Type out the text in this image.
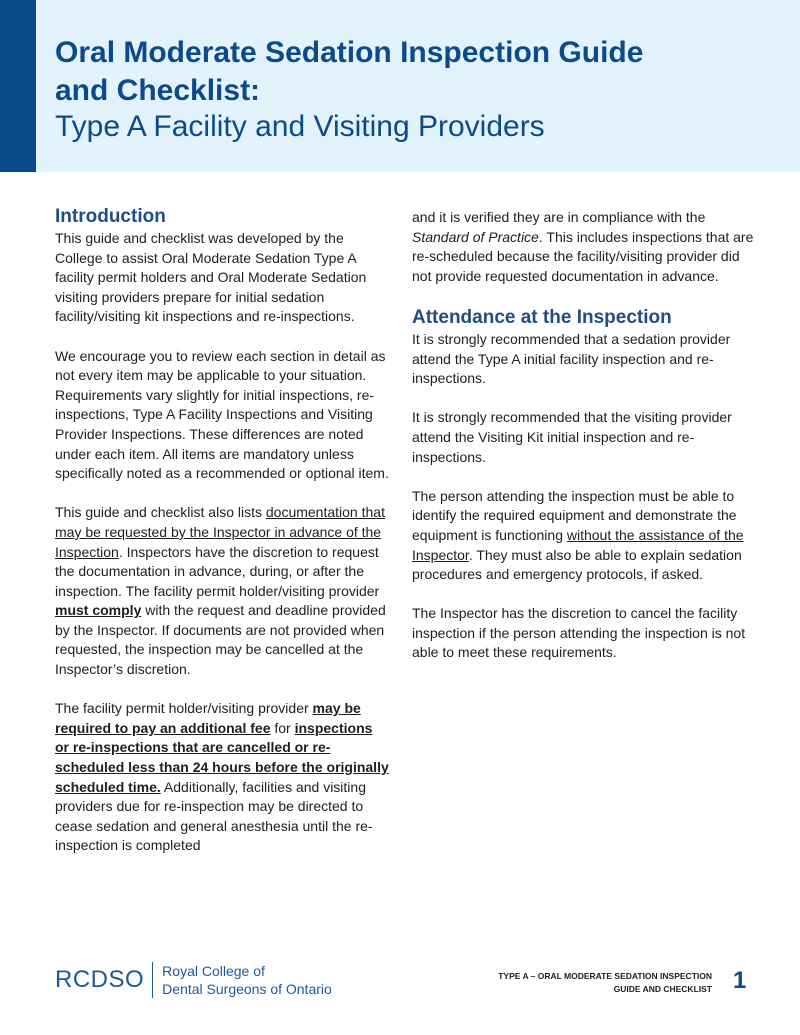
Oral Moderate Sedation Inspection Guide
and Checklist:
Type A Facility and Visiting Providers
Introduction

This guide and checklist was developed by the College to assist Oral Moderate Sedation Type A facility permit holders and Oral Moderate Sedation visiting providers prepare for initial sedation facility/visiting kit inspections and re-inspections.

We encourage you to review each section in detail as not every item may be applicable to your situation. Requirements vary slightly for initial inspections, re-inspections, Type A Facility Inspections and Visiting Provider Inspections. These differences are noted under each item. All items are mandatory unless specifically noted as a recommended or optional item.

This guide and checklist also lists documentation that may be requested by the Inspector in advance of the Inspection. Inspectors have the discretion to request the documentation in advance, during, or after the inspection. The facility permit holder/visiting provider must comply with the request and deadline provided by the Inspector. If documents are not provided when requested, the inspection may be cancelled at the Inspector’s discretion.

The facility permit holder/visiting provider may be required to pay an additional fee for inspections or re-inspections that are cancelled or re-scheduled less than 24 hours before the originally scheduled time. Additionally, facilities and visiting providers due for re-inspection may be directed to cease sedation and general anesthesia until the re-inspection is completed

and it is verified they are in compliance with the Standard of Practice. This includes inspections that are re-scheduled because the facility/visiting provider did not provide requested documentation in advance.

Attendance at the Inspection

It is strongly recommended that a sedation provider attend the Type A initial facility inspection and re-inspections.

It is strongly recommended that the visiting provider attend the Visiting Kit initial inspection and re-inspections.

The person attending the inspection must be able to identify the required equipment and demonstrate the equipment is functioning without the assistance of the Inspector. They must also be able to explain sedation procedures and emergency protocols, if asked.

The Inspector has the discretion to cancel the facility inspection if the person attending the inspection is not able to meet these requirements.

RCDSO Royal College of
Dental Surgeons of Ontario
TYPE A – ORAL MODERATE SEDATION INSPECTION
GUIDE AND CHECKLIST 1
